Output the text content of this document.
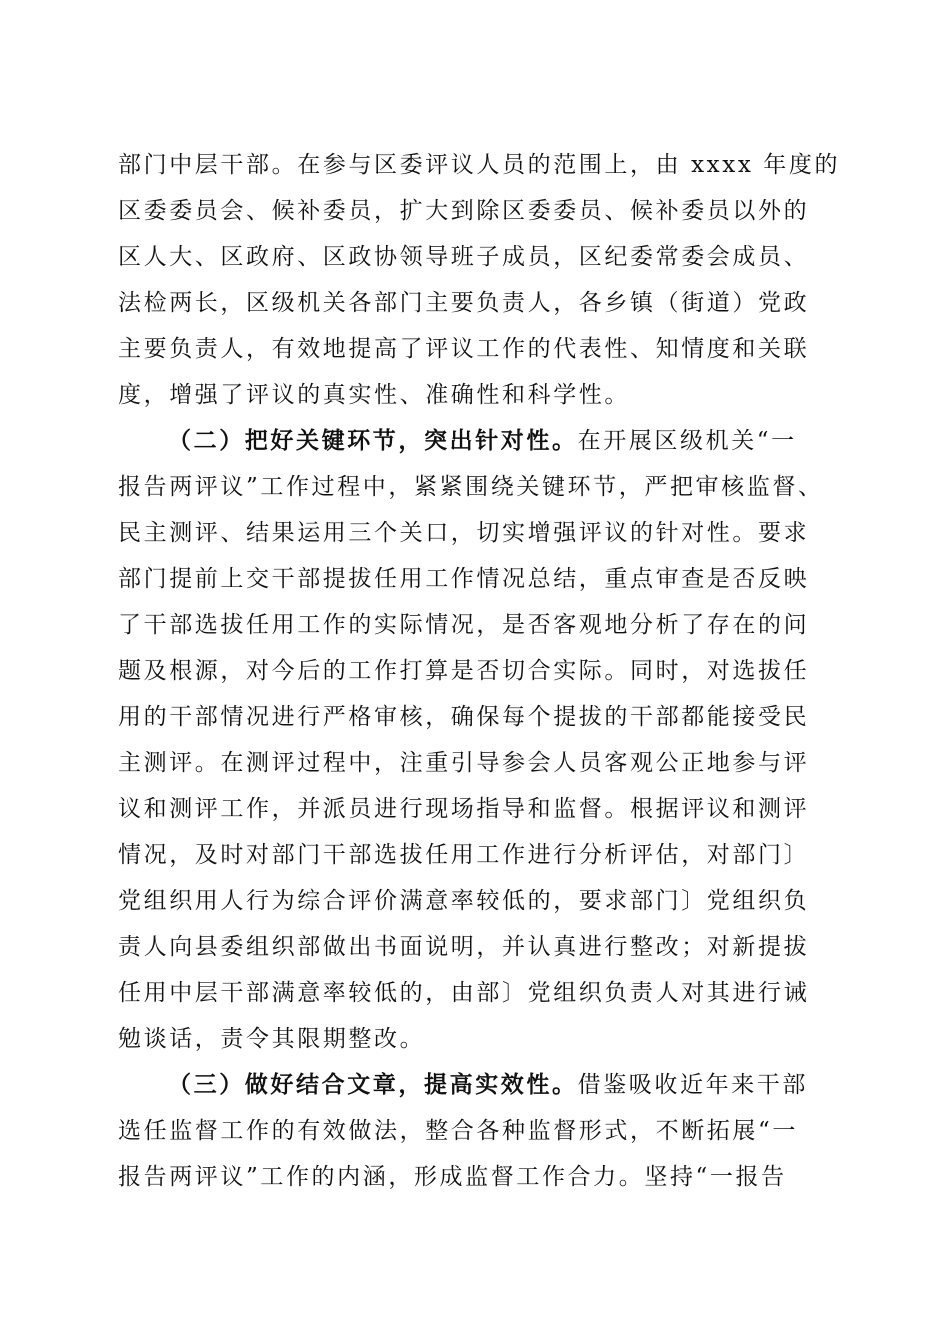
部门中层干部。在参与区委评议人员的范围上，由 xxxx 年度的
区委委员会、候补委员，扩大到除区委委员、候补委员以外的
区人大、区政府、区政协领导班子成员，区纪委常委会成员、
法检两长，区级机关各部门主要负责人，各乡镇（街道）党政
主要负责人，有效地提高了评议工作的代表性、知情度和关联
度，增强了评议的真实性、准确性和科学性。
（二）把好关键环节，突出针对性。在开展区级机关“一
报告两评议”工作过程中，紧紧围绕关键环节，严把审核监督、
民主测评、结果运用三个关口，切实增强评议的针对性。要求
部门提前上交干部提拔任用工作情况总结，重点审查是否反映
了干部选拔任用工作的实际情况，是否客观地分析了存在的问
题及根源，对今后的工作打算是否切合实际。同时，对选拔任
用的干部情况进行严格审核，确保每个提拔的干部都能接受民
主测评。在测评过程中，注重引导参会人员客观公正地参与评
议和测评工作，并派员进行现场指导和监督。根据评议和测评
情况，及时对部门干部选拔任用工作进行分析评估，对部门〕
党组织用人行为综合评价满意率较低的，要求部门〕党组织负
责人向县委组织部做出书面说明，并认真进行整改；对新提拔
任用中层干部满意率较低的，由部〕党组织负责人对其进行诫
勉谈话，责令其限期整改。
（三）做好结合文章，提高实效性。借鉴吸收近年来干部
选任监督工作的有效做法，整合各种监督形式，不断拓展“一
报告两评议”工作的内涵，形成监督工作合力。坚持“一报告
